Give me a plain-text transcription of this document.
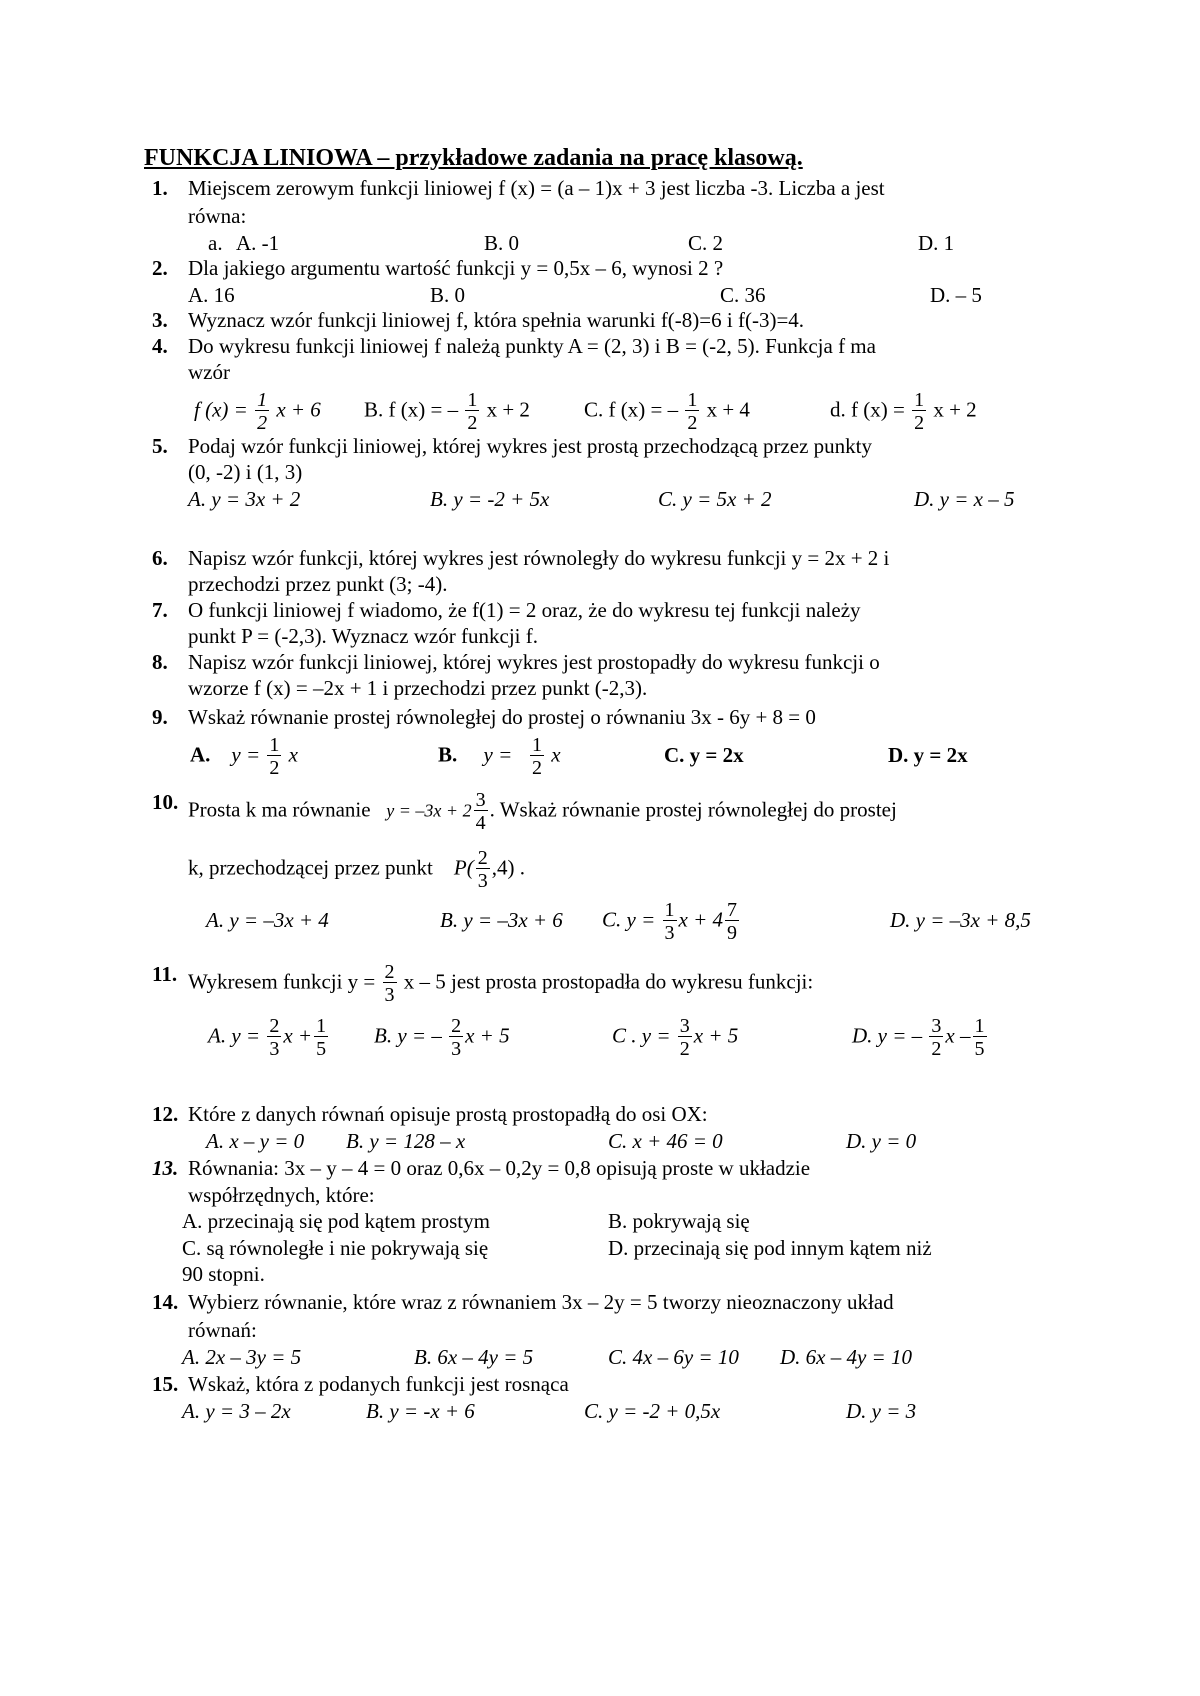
FUNKCJA LINIOWA – przykładowe zadania na pracę klasową.
1. Miejscem zerowym funkcji liniowej f (x) = (a – 1)x + 3 jest liczba -3. Liczba a jest
równa:
a. A. -1	B. 0	C. 2	D. 1
2. Dla jakiego argumentu wartość funkcji y = 0,5x – 6, wynosi 2 ?
A. 16	B. 0	C. 36	D. – 5
3. Wyznacz wzór funkcji liniowej f, która spełnia warunki f(-8)=6 i f(-3)=4.
4. Do wykresu funkcji liniowej f należą punkty A = (2, 3) i B = (-2, 5). Funkcja f ma
wzór
f $(x) = \frac{1}{2}$ x + 6 B. f (x) = – $\frac{1}{2}$ x + 2	C. f (x) = – $\frac{1}{2}$ x + 4	d. f $(x) = \frac{1}{2}$ x + 2
5. Podaj wzór funkcji liniowej, której wykres jest prostą przechodzącą przez punkty
(0, -2) i (1, 3)
A. y = 3x + 2	B. y = -2 + 5x	C. y = 5x + 2	D. y = x – 5
6. Napisz wzór funkcji, której wykres jest równoległy do wykresu funkcji y = 2x + 2 i
przechodzi przez punkt (3; -4).
7. O funkcji liniowej f wiadomo, że f(1) = 2 oraz, że do wykresu tej funkcji należy
punkt P = (-2,3). Wyznacz wzór funkcji f.
8. Napisz wzór funkcji liniowej, której wykres jest prostopadły do wykresu funkcji o
wzorze f (x) = –2x + 1 i przechodzi przez punkt (-2,3).
9. Wskaż równanie prostej równoległej do prostej o równaniu 3x - 6y + 8 = 0
A. $y = \frac{1}{2}$ x	B. $y = \frac{1}{2}$ x	C. y = 2x	D. y = 2x
10. Prosta k ma równanie $y = -3x + 2 \frac{3}{4}$ . Wskaż równanie prostej równoległej do prostej
k, przechodzącej przez punkt $P( \frac{2}{3} ,4)$ .
A. y = –3x + 4	B. y = –3x + 6 C. $y = \frac{1}{3}$ $x + 4 \frac{7}{9}$	D. y = –3x + 8,5
11. Wykresem funkcji $y = \frac{2}{3}$ x – 5 jest prosta prostopadła do wykresu funkcji:
A. $y = \frac{2}{3}$ $x + \frac{1}{5} B$. y = – $\frac{2}{3}$ x + 5	C . $y = \frac{3}{2}$ x + 5	D. y = – $\frac{3}{2}$ x – $\frac{1}{5}$
12. Które z danych równań opisuje prostą prostopadłą do osi OX:
A. x – y = 0 B. y = 128 – x	C. x + 46 = 0	D. y = 0
13. Równania: 3x – y – 4 = 0 oraz 0,6x – 0,2y = 0,8 opisują proste w układzie
współrzędnych, które:
A. przecinają się pod kątem prostym	B. pokrywają się
C. są równoległe i nie pokrywają się	D. przecinają się pod innym kątem niż
90 stopni.
14. Wybierz równanie, które wraz z równaniem 3x – 2y = 5 tworzy nieoznaczony układ
równań:
A. 2x – 3y = 5	B. 6x – 4y = 5	C. 4x – 6y = 10 D. 6x – 4y = 10
15. Wskaż, która z podanych funkcji jest rosnąca
A. y = 3 – 2x	B. y = -x + 6	C. y = -2 + 0,5x	D. y = 3
